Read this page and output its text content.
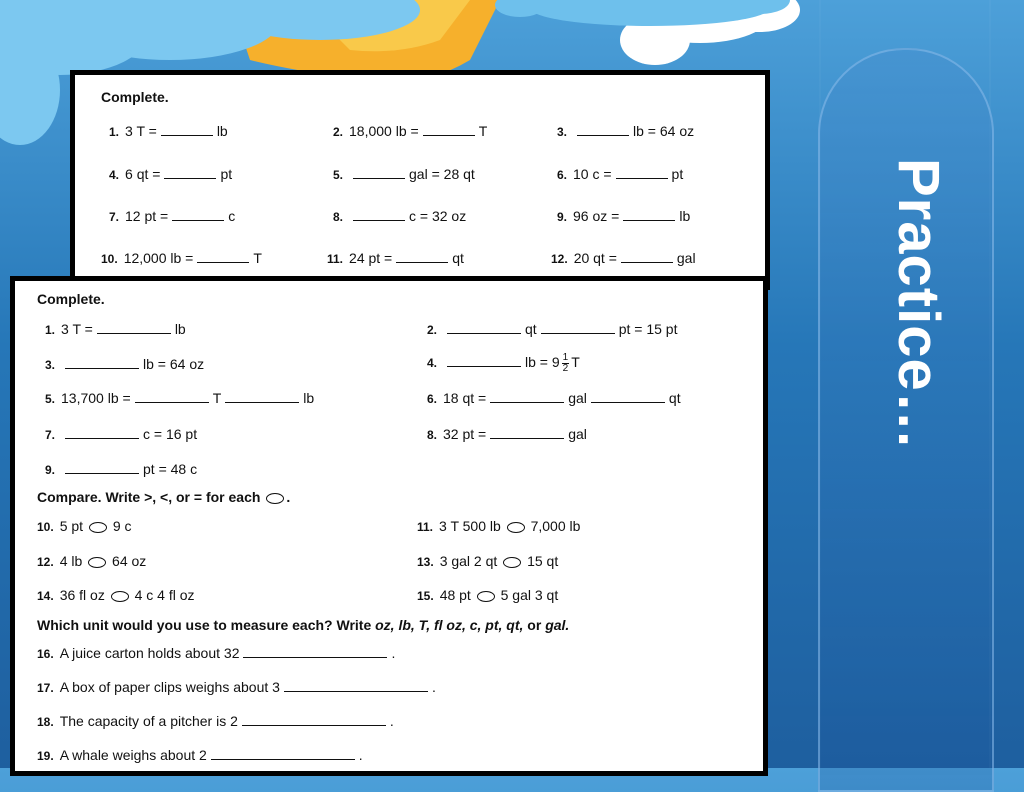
Practice…
Complete.
1. 3 T =	lb	2. 18,000 lb =	T	3.	lb = 64 oz
4. 6 qt =	pt	5.	gal = 28 qt	6. 10 c =	pt
7. 12 pt =	c	8.	c = 32 oz	9. 96 oz =	lb
10. 12,000 lb =	T	11. 24 pt =	qt	12. 20 qt =	gal
Complete.
1. 3 T =	lb	2.	qt	pt = 15 pt
3.	lb = 64 oz	4.	lb = $9 \frac{1}{2}$ T
5. 13,700 lb =	T	lb	6. 18 qt =	gal	qt
7.	c = 16 pt	8. 32 pt =	gal
9.	pt = 48 c
Compare. Write >, <, or = for each .
10. 5 pt 9 c	11. 3 T 500 lb 7,000 lb
12. 4 lb 64 oz	13. 3 gal 2 qt 15 qt
14. 36 fl oz 4 c 4 fl oz	15. 48 pt 5 gal 3 qt
Which unit would you use to measure each? Write oz, lb, T, fl oz, c, pt, qt, or gal.
16. A juice carton holds about 32	.
17. A box of paper clips weighs about 3	.
18. The capacity of a pitcher is 2	.
19. A whale weighs about 2	.
